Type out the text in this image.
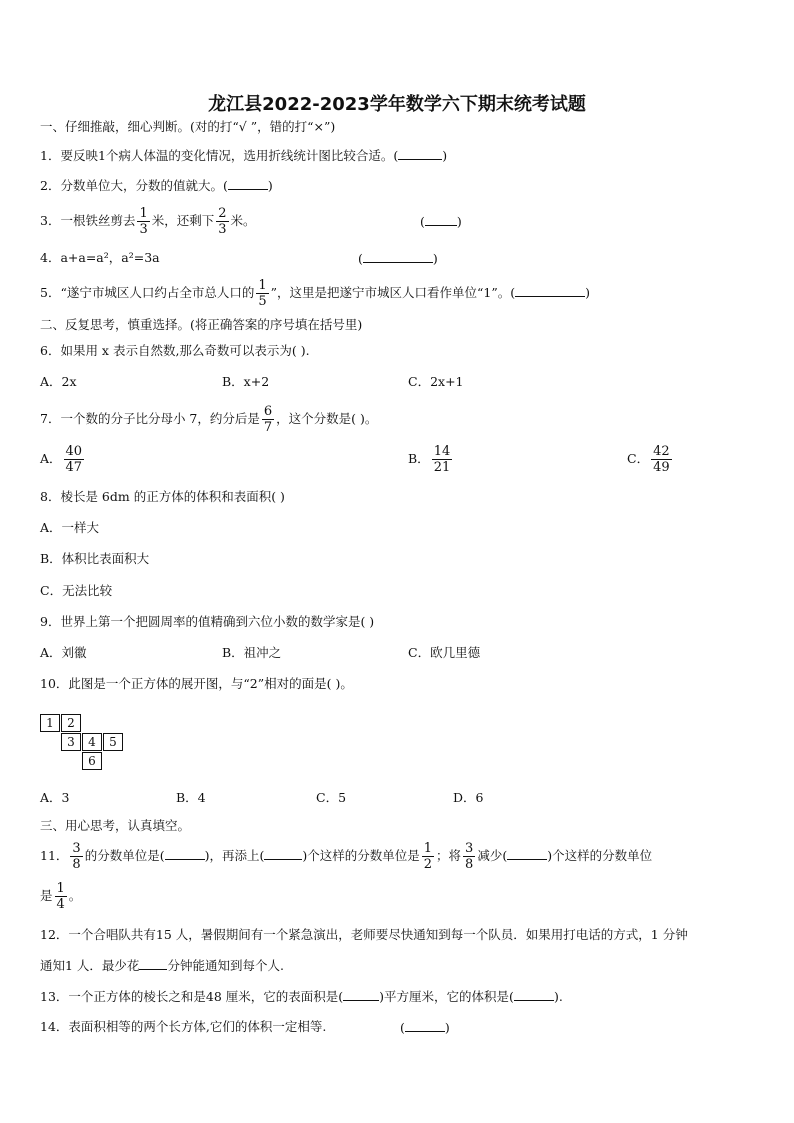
龙江县2022-2023学年数学六下期末统考试题
一、仔细推敲，细心判断。(对的打“√ ”，错的打“×”)
1．要反映1个病人体温的变化情况，选用折线统计图比较合适。(	)
2．分数单位大，分数的值就大。(	)
3．一根铁丝剪去 $\frac{1}{3}$ 米，还剩下 $\frac{2}{3}$ 米。	(	)
4．a+a=a²，a²=3a	(	)
5．“遂宁市城区人口约占全市总人口的 $\frac{1}{5}$ ”，这里是把遂宁市城区人口看作单位“1”。(	)
二、反复思考，慎重选择。(将正确答案的序号填在括号里)
6．如果用 x 表示自然数,那么奇数可以表示为( ).
A．2x	B．x+2	C．2x+1
7．一个数的分子比分母小 7，约分后是 $\frac{6}{7}$ ，这个分数是( )。
A． $\frac{40}{47}$	B． $\frac{14}{21}$	C． $\frac{42}{49}$
8．棱长是 6dm 的正方体的体积和表面积( )
A．一样大
B．体积比表面积大
C．无法比较
9．世界上第一个把圆周率的值精确到六位小数的数学家是( )
A．刘徽	B．祖冲之	C．欧几里德
10．此图是一个正方体的展开图，与“2”相对的面是( )。
1	2
3	4	5
6
A．3	B．4	C．5	D．6
三、用心思考，认真填空。
11． $\frac{3}{8}$ 的分数单位是(	)，再添上(	)个这样的分数单位是 $\frac{1}{2}$ ；将 $\frac{3}{8}$ 减少(	)个这样的分数单位
是 $\frac{1}{4}$ 。
12．一个合唱队共有15 人，暑假期间有一个紧急演出，老师要尽快通知到每一个队员．如果用打电话的方式，1 分钟
通知1 人．最少花 分钟能通知到每个人.
13．一个正方体的棱长之和是48 厘米，它的表面积是(	)平方厘米，它的体积是(	).
14．表面积相等的两个长方体,它们的体积一定相等.	(	)
